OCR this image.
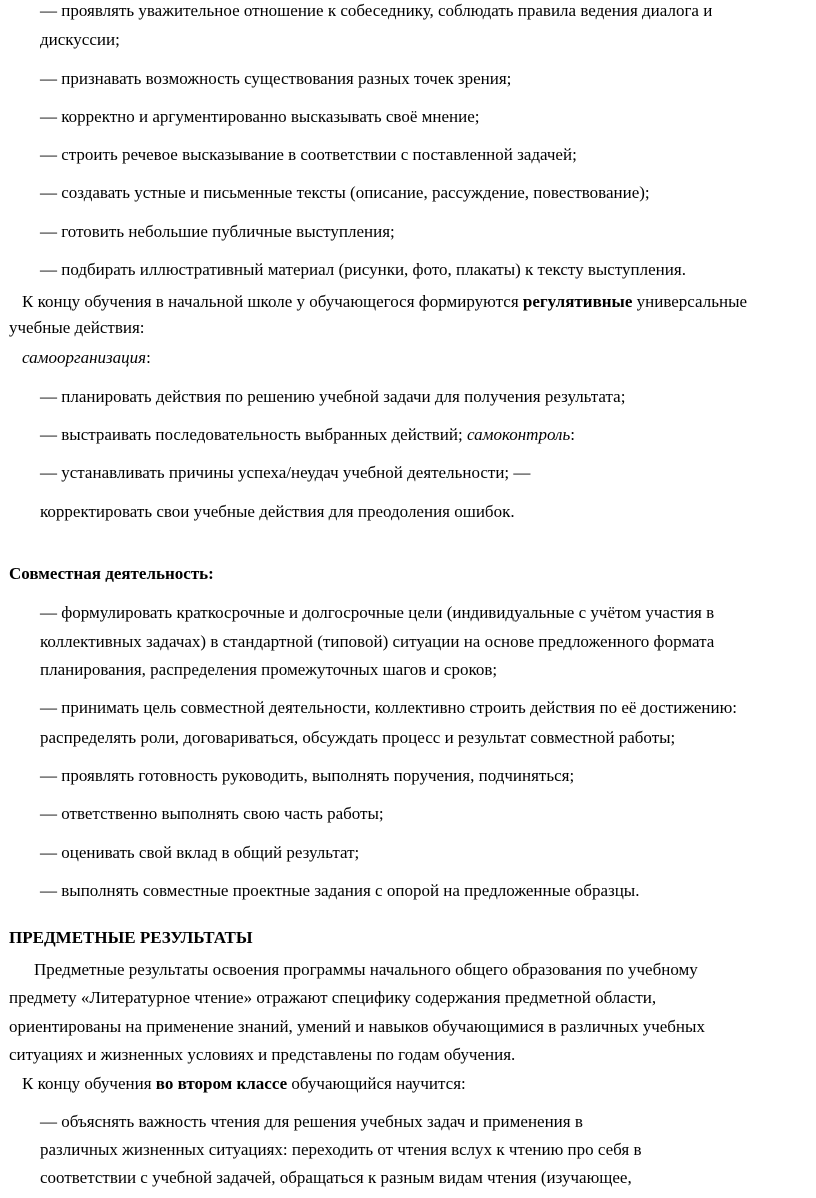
— проявлять уважительное отношение к собеседнику, соблюдать правила ведения диалога и
дискуссии;
— признавать возможность существования разных точек зрения;
— корректно и аргументированно высказывать своё мнение;
— строить речевое высказывание в соответствии с поставленной задачей;
— создавать устные и письменные тексты (описание, рассуждение, повествование);
— готовить небольшие публичные выступления;
— подбирать иллюстративный материал (рисунки, фото, плакаты) к тексту выступления.
К концу обучения в начальной школе у обучающегося формируются регулятивные универсальные
учебные действия:
самоорганизация:
— планировать действия по решению учебной задачи для получения результата;
— выстраивать последовательность выбранных действий; самоконтроль:
— устанавливать причины успеха/неудач учебной деятельности; —
корректировать свои учебные действия для преодоления ошибок.
Совместная деятельность:
— формулировать краткосрочные и долгосрочные цели (индивидуальные с учётом участия в
коллективных задачах) в стандартной (типовой) ситуации на основе предложенного формата
планирования, распределения промежуточных шагов и сроков;
— принимать цель совместной деятельности, коллективно строить действия по её достижению:
распределять роли, договариваться, обсуждать процесс и результат совместной работы;
— проявлять готовность руководить, выполнять поручения, подчиняться;
— ответственно выполнять свою часть работы;
— оценивать свой вклад в общий результат;
— выполнять совместные проектные задания с опорой на предложенные образцы.
ПРЕДМЕТНЫЕ РЕЗУЛЬТАТЫ
Предметные результаты освоения программы начального общего образования по учебному
предмету «Литературное чтение» отражают специфику содержания предметной области,
ориентированы на применение знаний, умений и навыков обучающимися в различных учебных
ситуациях и жизненных условиях и представлены по годам обучения.
К концу обучения во втором классе обучающийся научится:
— объяснять важность чтения для решения учебных задач и применения в
различных жизненных ситуациях: переходить от чтения вслух к чтению про себя в
соответствии с учебной задачей, обращаться к разным видам чтения (изучающее,
